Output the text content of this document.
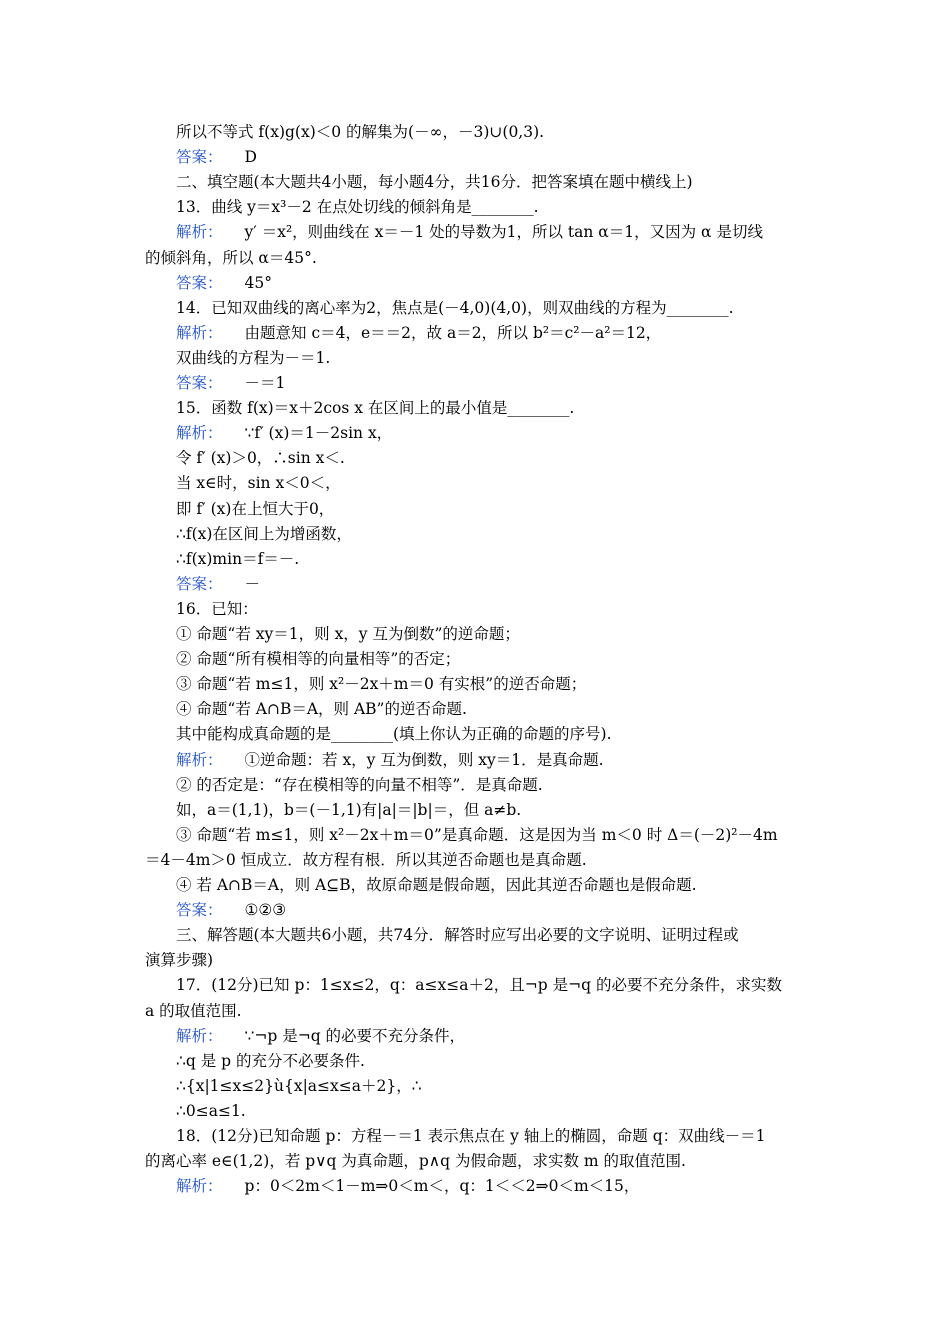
所以不等式 f(x)g(x)＜0 的解集为(－∞，－3)∪(0,3).
答案： D
二、填空题(本大题共4小题，每小题4分，共16分．把答案填在题中横线上)
13．曲线 y＝x³－2 在点处切线的倾斜角是________.
解析： y′ ＝x²，则曲线在 x＝－1 处的导数为1，所以 tan α＝1，又因为 α 是切线
的倾斜角，所以 α＝45°.
答案： 45°
14．已知双曲线的离心率为2，焦点是(－4,0)(4,0)，则双曲线的方程为________.
解析： 由题意知 c＝4，e＝＝2，故 a＝2，所以 b²＝c²－a²＝12，
双曲线的方程为－＝1.
答案： －＝1
15．函数 f(x)＝x＋2cos x 在区间上的最小值是________.
解析： ∵f′ (x)＝1－2sin x，
令 f′ (x)＞0，∴sin x＜.
当 x∈时，sin x＜0＜，
即 f′ (x)在上恒大于0，
∴f(x)在区间上为增函数，
∴f(x)min＝f＝－.
答案： －
16．已知：
① 命题“若 xy＝1，则 x，y 互为倒数”的逆命题；
② 命题“所有模相等的向量相等”的否定；
③ 命题“若 m≤1，则 x²－2x＋m＝0 有实根”的逆否命题；
④ 命题“若 A∩B＝A，则 AB”的逆否命题.
其中能构成真命题的是________(填上你认为正确的命题的序号).
解析： ①逆命题：若 x，y 互为倒数，则 xy＝1．是真命题.
② 的否定是：“存在模相等的向量不相等”．是真命题.
如，a＝(1,1)，b＝(－1,1)有|a|＝|b|＝，但 a≠b.
③ 命题“若 m≤1，则 x²－2x＋m＝0”是真命题．这是因为当 m＜0 时 Δ＝(－2)²－4m
＝4－4m＞0 恒成立．故方程有根．所以其逆否命题也是真命题.
④ 若 A∩B＝A，则 A⊆B，故原命题是假命题，因此其逆否命题也是假命题.
答案： ①②③
三、解答题(本大题共6小题，共74分．解答时应写出必要的文字说明、证明过程或
演算步骤)
17．(12分)已知 p：1≤x≤2，q：a≤x≤a＋2，且¬p 是¬q 的必要不充分条件，求实数
a 的取值范围.
解析： ∵¬p 是¬q 的必要不充分条件，
∴q 是 p 的充分不必要条件.
∴{x|1≤x≤2}ù{x|a≤x≤a＋2}，∴
∴0≤a≤1.
18．(12分)已知命题 p：方程－＝1 表示焦点在 y 轴上的椭圆，命题 q：双曲线－＝1
的离心率 e∈(1,2)，若 p∨q 为真命题，p∧q 为假命题，求实数 m 的取值范围.
解析： p：0＜2m＜1－m⇒0＜m＜，q：1＜＜2⇒0＜m＜15，
